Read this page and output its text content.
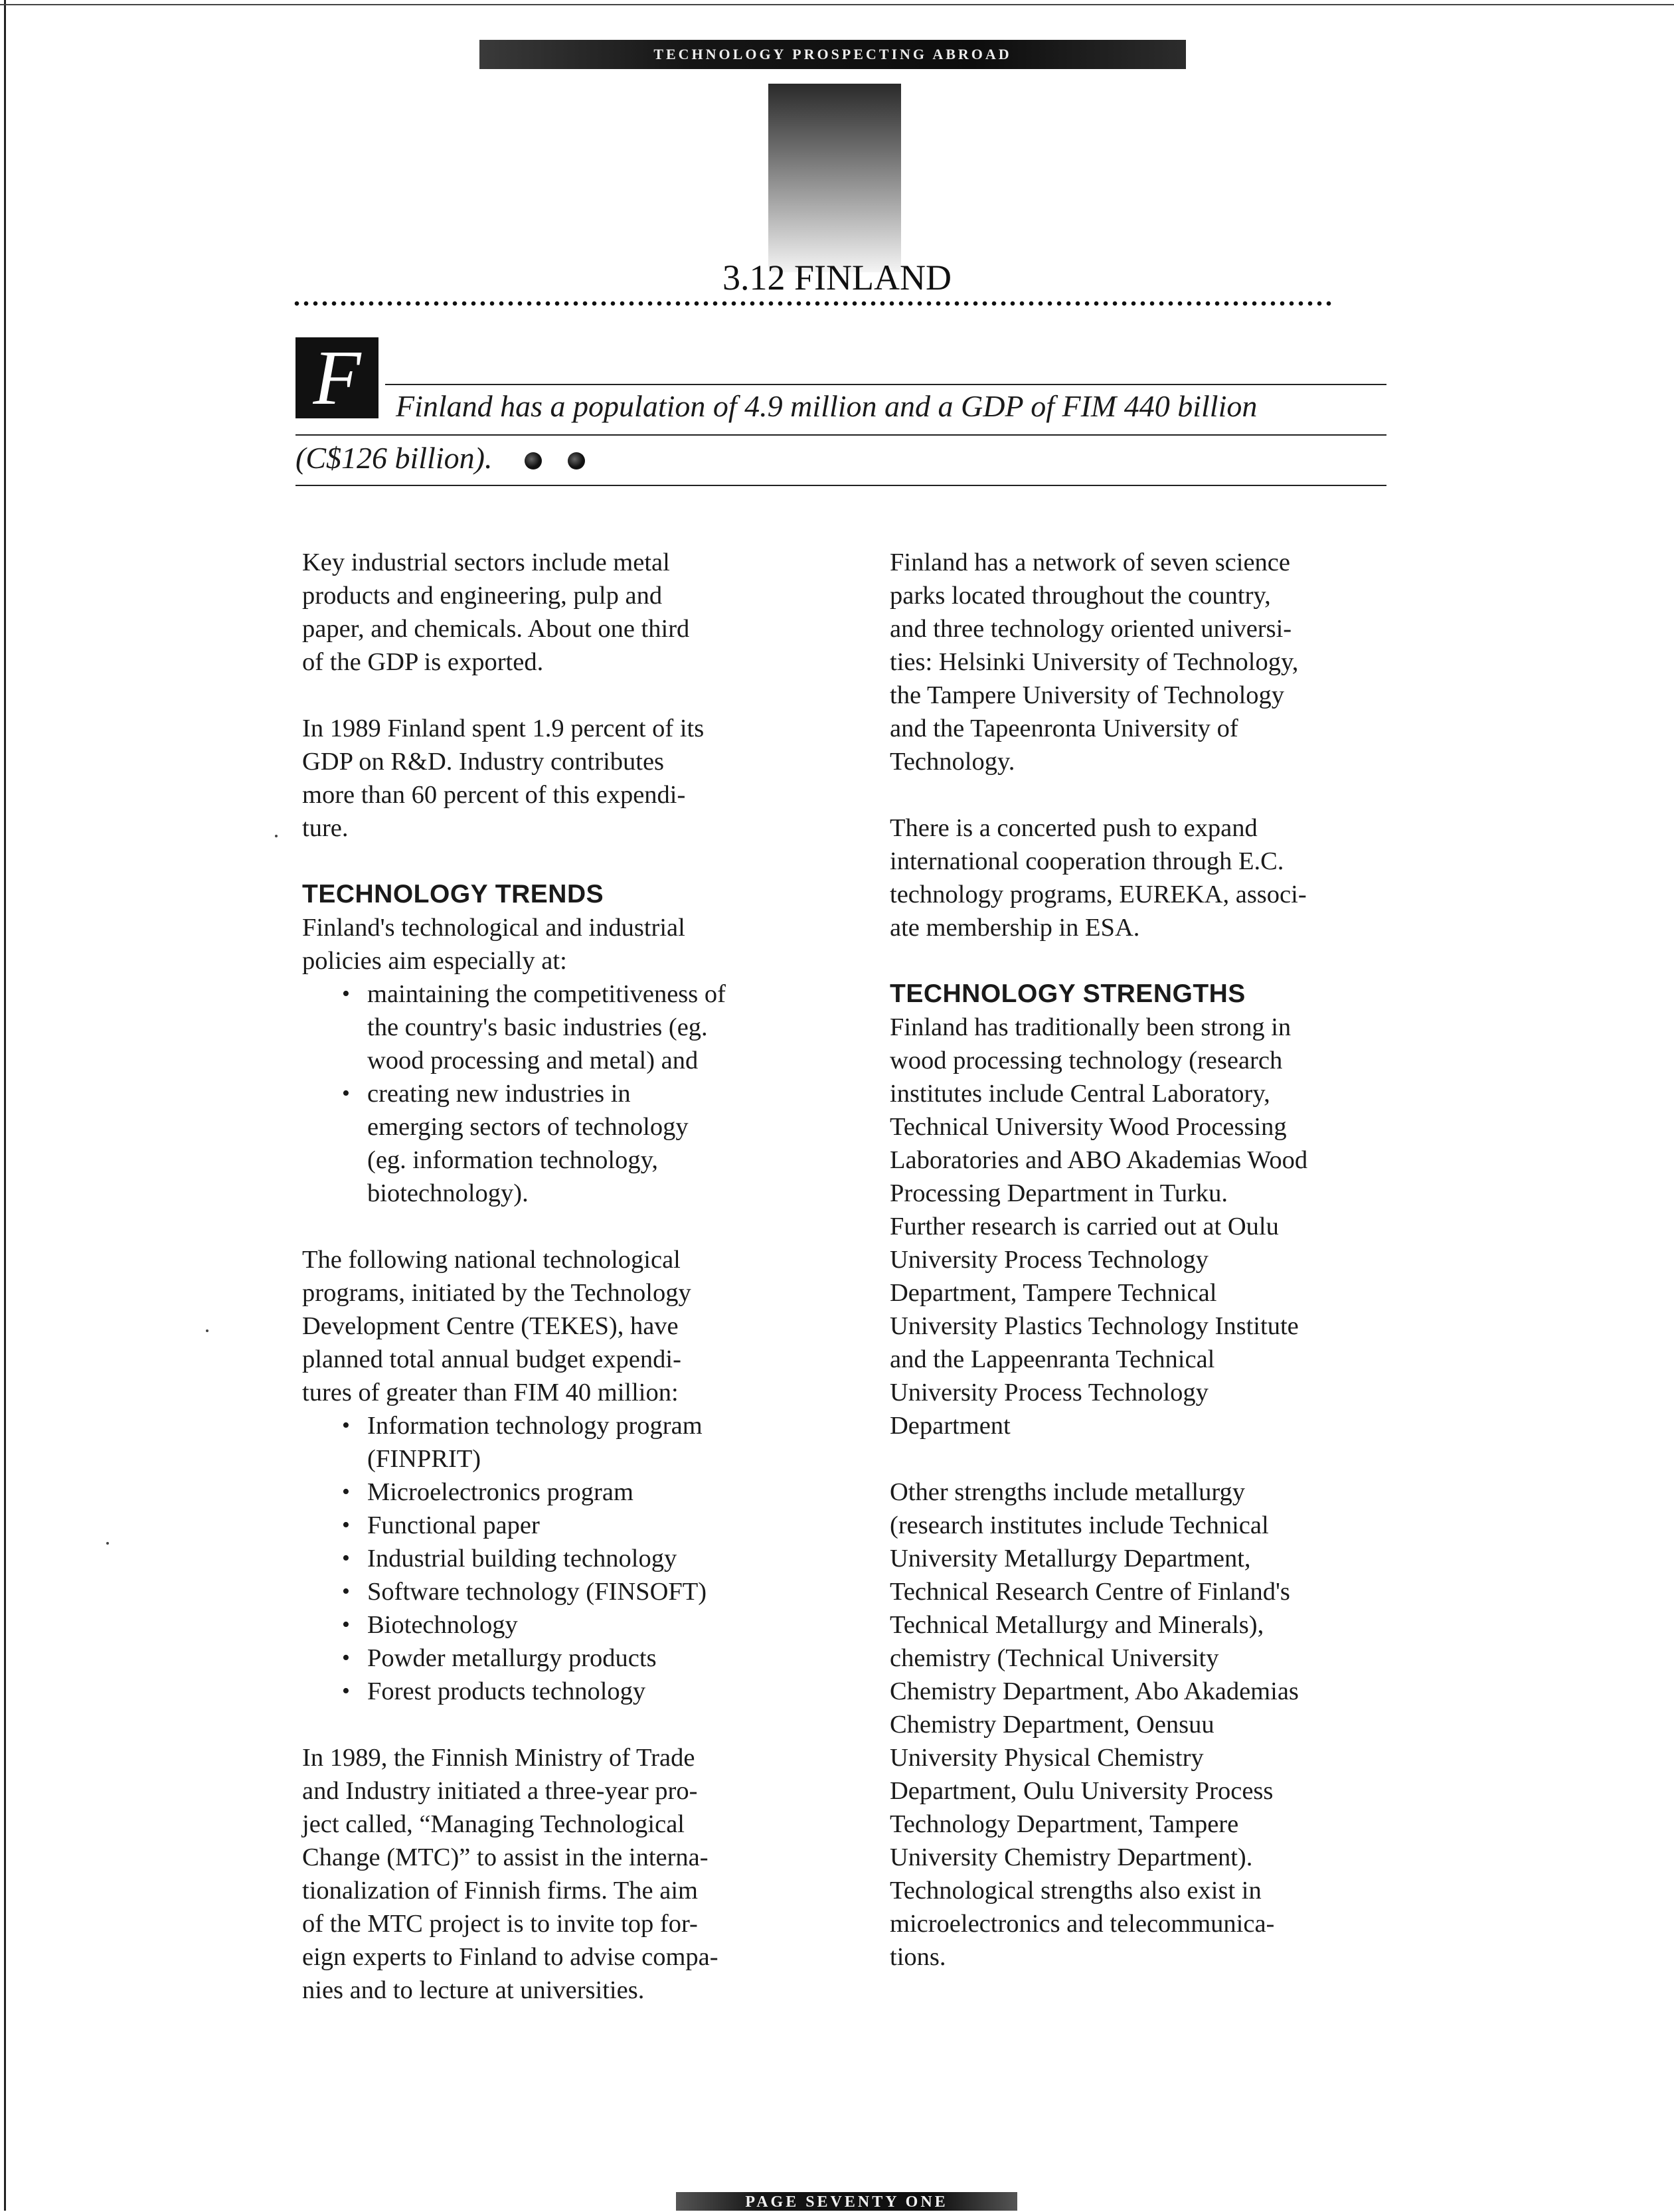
TECHNOLOGY PROSPECTING ABROAD
3.12 FINLAND
F	Finland has a population of 4.9 million and a GDP of FIM 440 billion
(C$126 billion).

Key industrial sectors include metal
products and engineering, pulp and
paper, and chemicals. About one third
of the GDP is exported.

In 1989 Finland spent 1.9 percent of its
GDP on R&D. Industry contributes
more than 60 percent of this expendi-
ture.

TECHNOLOGY TRENDS

Finland's technological and industrial
policies aim especially at:

• maintaining the competitiveness of
the country's basic industries (eg.
wood processing and metal) and
• creating new industries in
emerging sectors of technology
(eg. information technology,
biotechnology).

The following national technological
programs, initiated by the Technology
Development Centre (TEKES), have
planned total annual budget expendi-
tures of greater than FIM 40 million:

• Information technology program
(FINPRIT)
• Microelectronics program
• Functional paper
• Industrial building technology
• Software technology (FINSOFT)
• Biotechnology
• Powder metallurgy products
• Forest products technology

In 1989, the Finnish Ministry of Trade
and Industry initiated a three-year pro-
ject called, “Managing Technological
Change (MTC)” to assist in the interna-
tionalization of Finnish firms. The aim
of the MTC project is to invite top for-
eign experts to Finland to advise compa-
nies and to lecture at universities.

Finland has a network of seven science
parks located throughout the country,
and three technology oriented universi-
ties: Helsinki University of Technology,
the Tampere University of Technology
and the Tapeenronta University of
Technology.

There is a concerted push to expand
international cooperation through E.C.
technology programs, EUREKA, associ-
ate membership in ESA.

TECHNOLOGY STRENGTHS

Finland has traditionally been strong in
wood processing technology (research
institutes include Central Laboratory,
Technical University Wood Processing
Laboratories and ABO Akademias Wood
Processing Department in Turku.
Further research is carried out at Oulu
University Process Technology
Department, Tampere Technical
University Plastics Technology Institute
and the Lappeenranta Technical
University Process Technology
Department

Other strengths include metallurgy
(research institutes include Technical
University Metallurgy Department,
Technical Research Centre of Finland's
Technical Metallurgy and Minerals),
chemistry (Technical University
Chemistry Department, Abo Akademias
Chemistry Department, Oensuu
University Physical Chemistry
Department, Oulu University Process
Technology Department, Tampere
University Chemistry Department).
Technological strengths also exist in
microelectronics and telecommunica-
tions.

PAGE SEVENTY ONE
